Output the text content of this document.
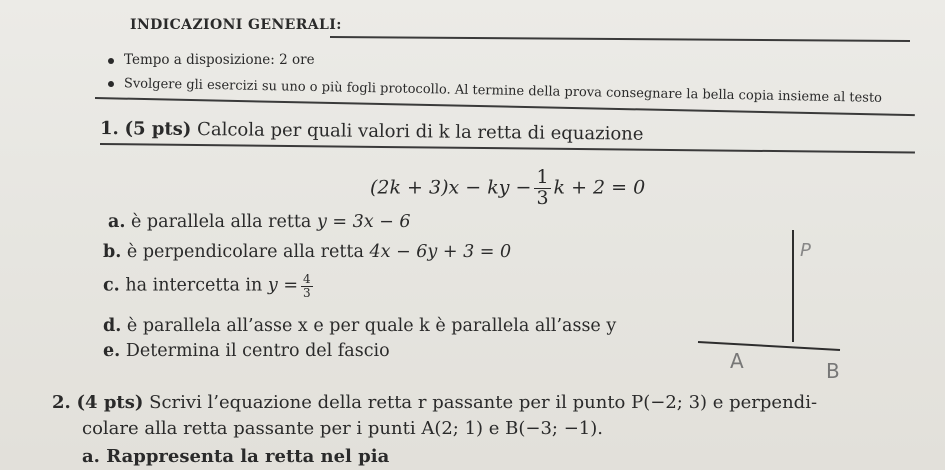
INDICAZIONI GENERALI:
Tempo a disposizione: 2 ore
Svolgere gli esercizi su uno o più fogli protocollo. Al termine della prova consegnare la bella copia insieme al testo
1. (5 pts) Calcola per quali valori di k la retta di equazione
(2k + 3)x − ky − $\frac{1}{3}$ k + 2 = 0
a. è parallela alla retta y = 3x − 6
b. è perpendicolare alla retta 4x − 6y + 3 = 0
c. ha intercetta in $y = \frac{4}{3}$
d. è parallela all’asse x e per quale k è parallela all’asse y
e. Determina il centro del fascio
P
A	B
2. (4 pts) Scrivi l’equazione della retta r passante per il punto P(−2; 3) e perpendi-
colare alla retta passante per i punti A(2; 1) e B(−3; −1).
a. Rappresenta la retta nel pia
